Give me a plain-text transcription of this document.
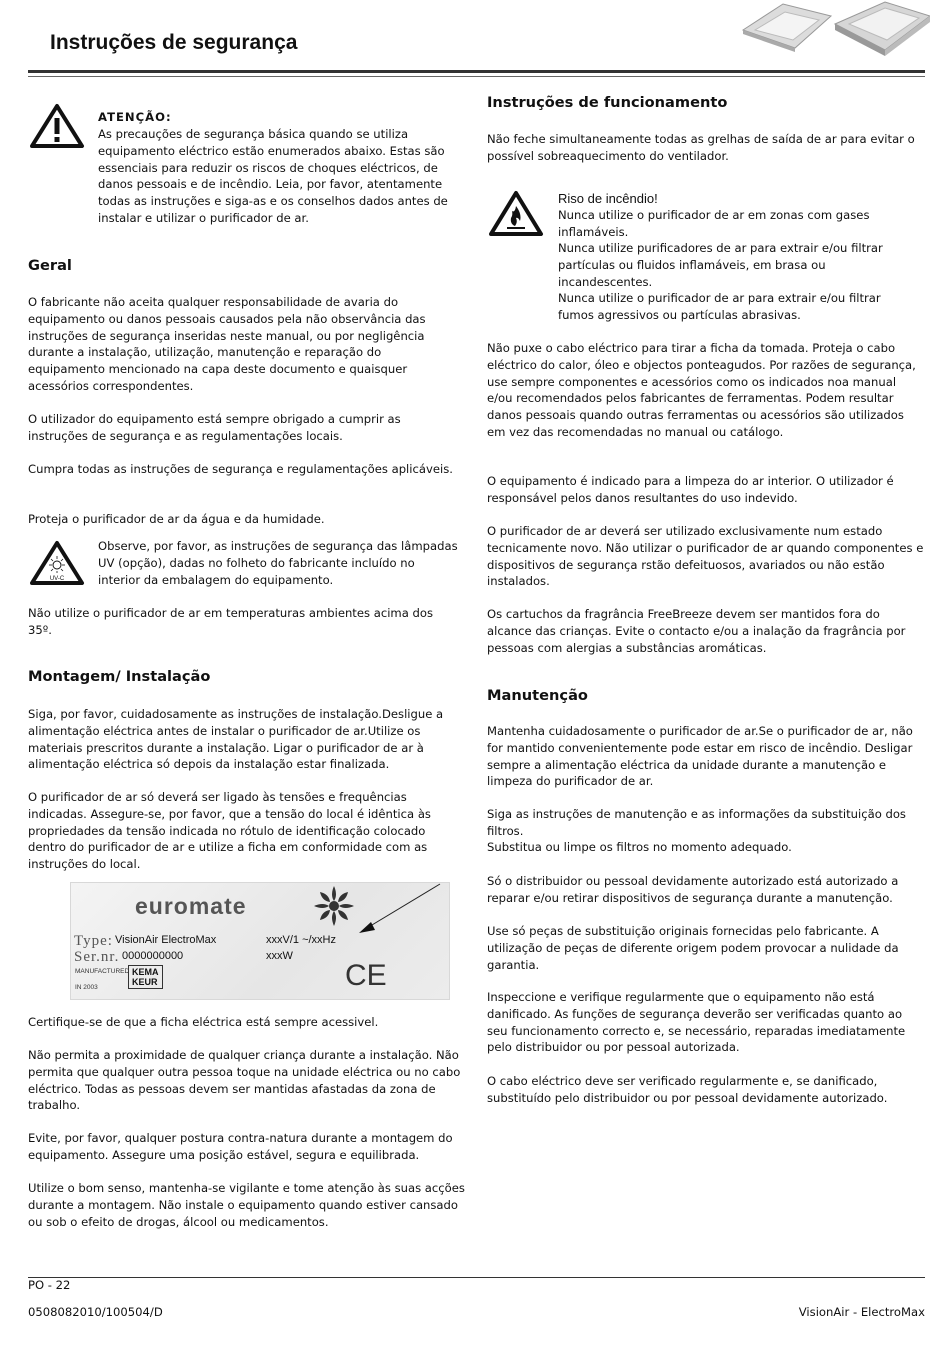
Instruções de segurança
ATENÇÃO:
As precauções de segurança básica quando se utiliza equipamento eléctrico estão enumerados abaixo. Estas são essenciais para reduzir os riscos de choques eléctricos, de danos pessoais e de incêndio. Leia, por favor, atentamente todas as instruções e siga-as e os conselhos dados antes de instalar e utilizar o purificador de ar.
Geral
O fabricante não aceita qualquer responsabilidade de avaria do equipamento ou danos pessoais causados pela não observância das instruções de segurança inseridas neste manual, ou por negligência durante a instalação, utilização, manutenção e reparação do equipamento mencionado na capa deste documento e quaisquer acessórios correspondentes.
O utilizador do equipamento está sempre obrigado a cumprir as instruções de segurança e as regulamentações locais.
Cumpra todas as instruções de segurança e regulamentações aplicáveis.
Proteja o purificador de ar da água e da humidade.
UV-C
Observe, por favor, as instruções de segurança das lâmpadas UV (opção), dadas no folheto do fabricante incluído no interior da embalagem do equipamento.
Não utilize o purificador de ar em temperaturas ambientes acima dos 35º.
Montagem/ Instalação
Siga, por favor, cuidadosamente as instruções de instalação.Desligue a alimentação eléctrica antes de instalar o purificador de ar.Utilize os materiais prescritos durante a instalação. Ligar o purificador de ar à alimentação eléctrica só depois da instalação estar finalizada.
O purificador de ar só deverá ser ligado às tensões e frequências indicadas. Assegure-se, por favor, que a tensão do local é idêntica às propriedades da tensão indicada no rótulo de identificação colocado dentro do purificador de ar e utilize a ficha em conformidade com as instruções do local.
euromate
Type:
Ser.nr.
VisionAir ElectroMax
0000000000
xxxV/1 ~/xxHz
xxxW
MANUFACTURED
IN 2003
KEMA
KEUR	CE
Certifique-se de que a ficha eléctrica está sempre acessivel.
Não permita a proximidade de qualquer criança durante a instalação. Não permita que qualquer outra pessoa toque na unidade eléctrica ou no cabo eléctrico. Todas as pessoas devem ser mantidas afastadas da zona de trabalho.
Evite, por favor, qualquer postura contra-natura durante a montagem do equipamento. Assegure uma posição estável, segura e equilibrada.
Utilize o bom senso, mantenha-se vigilante e tome atenção às suas acções durante a montagem. Não instale o equipamento quando estiver cansado ou sob o efeito de drogas, álcool ou medicamentos.
Instruções de funcionamento
Não feche simultaneamente todas as grelhas de saída de ar para evitar o possível sobreaquecimento do ventilador.
Riso de incêndio!
Nunca utilize o purificador de ar em zonas com gases inflamáveis.
Nunca utilize purificadores de ar para extrair e/ou filtrar partículas ou fluidos inflamáveis, em brasa ou incandescentes.
Nunca utilize o purificador de ar para extrair e/ou filtrar fumos agressivos ou partículas abrasivas.
Não puxe o cabo eléctrico para tirar a ficha da tomada. Proteja o cabo eléctrico do calor, óleo e objectos ponteagudos. Por razões de segurança, use sempre componentes e acessórios como os indicados noa manual e/ou recomendados pelos fabricantes de ferramentas. Podem resultar danos pessoais quando outras ferramentas ou acessórios são utilizados em vez das recomendadas no manual ou catálogo.
O equipamento é indicado para a limpeza do ar interior. O utilizador é responsável pelos danos resultantes do uso indevido.
O purificador de ar deverá ser utilizado exclusivamente num estado tecnicamente novo. Não utilizar o purificador de ar quando componentes e dispositivos de segurança rstão defeituosos, avariados ou não estão instalados.
Os cartuchos da fragrância FreeBreeze devem ser mantidos fora do alcance das crianças. Evite o contacto e/ou a inalação da fragrância por pessoas com alergias a substâncias aromáticas.
Manutenção
Mantenha cuidadosamente o purificador de ar.Se o purificador de ar, não for mantido convenientemente pode estar em risco de incêndio. Desligar sempre a alimentação eléctrica da unidade durante a manutenção e limpeza do purificador de ar.
Siga as instruções de manutenção e as informações da substituição dos filtros.
Substitua ou limpe os filtros no momento adequado.
Só o distribuidor ou pessoal devidamente autorizado está autorizado a reparar e/ou retirar dispositivos de segurança durante a manutenção.
Use só peças de substituição originais fornecidas pelo fabricante. A utilização de peças de diferente origem podem provocar a nulidade da garantia.
Inspeccione e verifique regularmente que o equipamento não está danificado. As funções de segurança deverão ser verificadas quanto ao seu funcionamento correcto e, se necessário, reparadas imediatamente pelo distribuidor ou por pessoal autorizada.
O cabo eléctrico deve ser verificado regularmente e, se danificado, substituído pelo distribuidor ou por pessoal devidamente autorizado.
PO - 22
0508082010/100504/D	VisionAir - ElectroMax
